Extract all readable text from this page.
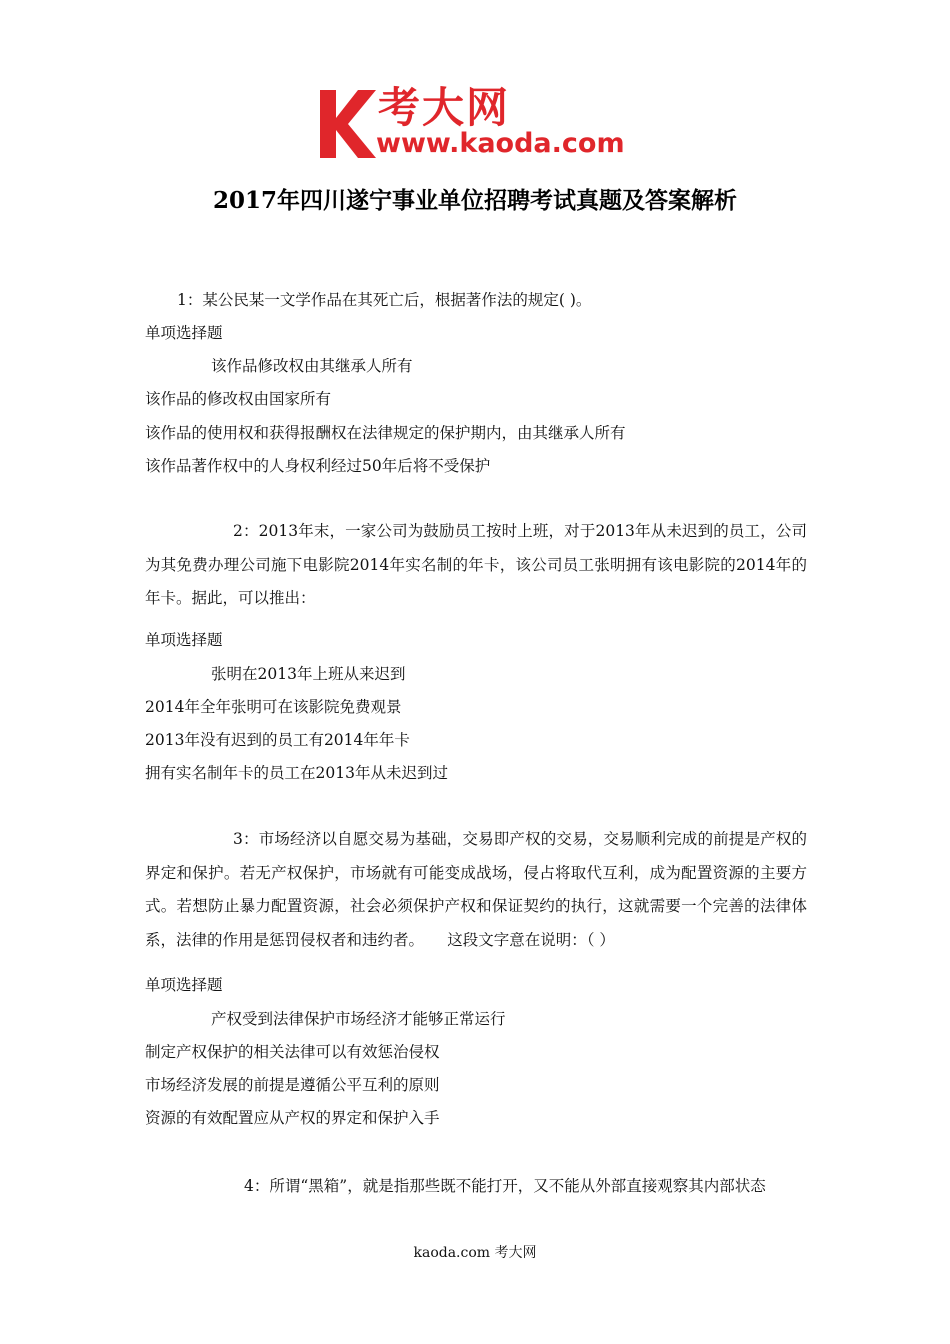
考大网
www.kaoda.com
2017年四川遂宁事业单位招聘考试真题及答案解析
1：某公民某一文学作品在其死亡后，根据著作法的规定( )。
单项选择题
该作品修改权由其继承人所有
该作品的修改权由国家所有
该作品的使用权和获得报酬权在法律规定的保护期内，由其继承人所有
该作品著作权中的人身权利经过50年后将不受保护

2：2013年末，一家公司为鼓励员工按时上班，对于2013年从未迟到的员工，公司为其免费办理公司施下电影院2014年实名制的年卡，该公司员工张明拥有该电影院的2014年的年卡。据此，可以推出：

单项选择题
张明在2013年上班从来迟到
2014年全年张明可在该影院免费观景
2013年没有迟到的员工有2014年年卡
拥有实名制年卡的员工在2013年从未迟到过

3：市场经济以自愿交易为基础，交易即产权的交易，交易顺利完成的前提是产权的界定和保护。若无产权保护，市场就有可能变成战场，侵占将取代互利，成为配置资源的主要方式。若想防止暴力配置资源，社会必须保护产权和保证契约的执行，这就需要一个完善的法律体系，法律的作用是惩罚侵权者和违约者。　　这段文字意在说明：（ ）

单项选择题
产权受到法律保护市场经济才能够正常运行
制定产权保护的相关法律可以有效惩治侵权
市场经济发展的前提是遵循公平互利的原则
资源的有效配置应从产权的界定和保护入手
4：所谓“黑箱”，就是指那些既不能打开，又不能从外部直接观察其内部状态
kaoda.com 考大网
